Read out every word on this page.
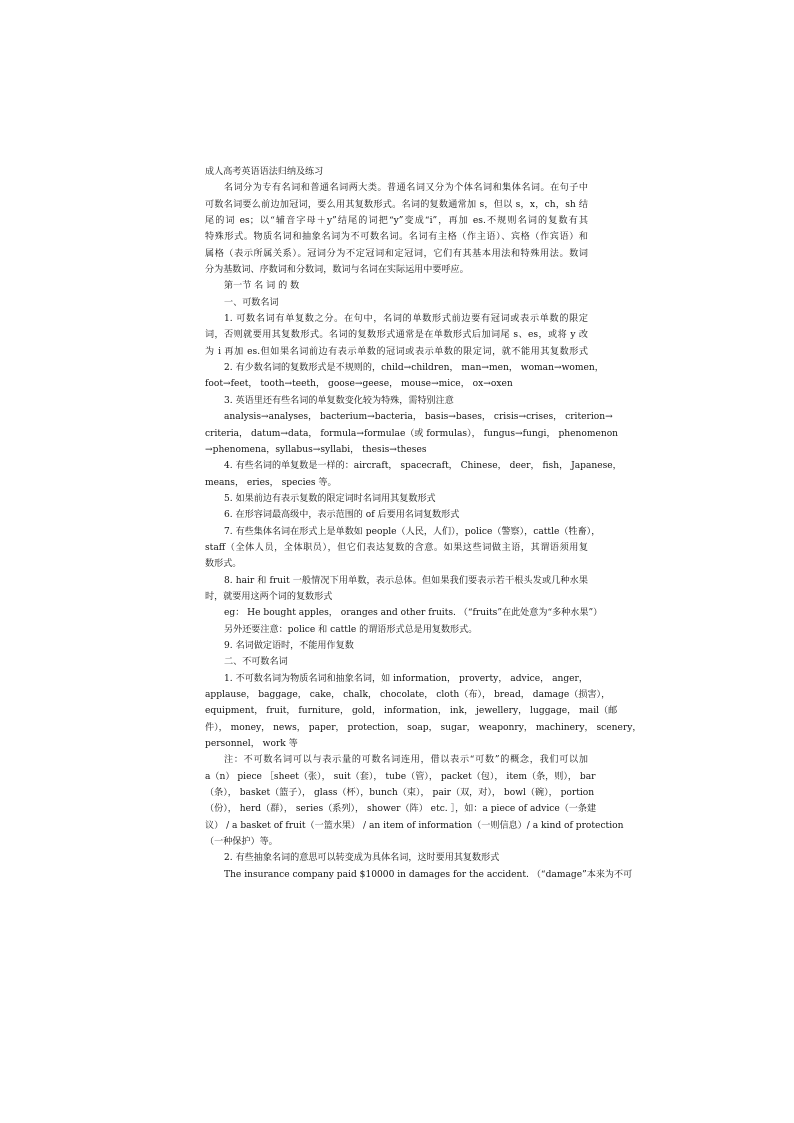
成人高考英语语法归纳及练习
名词分为专有名词和普通名词两大类。普通名词又分为个体名词和集体名词。在句子中
可数名词要么前边加冠词，要么用其复数形式。名词的复数通常加 s，但以 s，x，ch，sh 结
尾的词 es；以“辅音字母＋y”结尾的词把“y”变成“i”，再加 es.不规则名词的复数有其
特殊形式。物质名词和抽象名词为不可数名词。名词有主格（作主语）、宾格（作宾语）和
属格（表示所属关系）。冠词分为不定冠词和定冠词，它们有其基本用法和特殊用法。数词
分为基数词、序数词和分数词，数词与名词在实际运用中要呼应。
第一节 名 词 的 数
一、可数名词
1. 可数名词有单复数之分。在句中，名词的单数形式前边要有冠词或表示单数的限定
词，否则就要用其复数形式。名词的复数形式通常是在单数形式后加词尾 s、es，或将 y 改
为 i 再加 es.但如果名词前边有表示单数的冠词或表示单数的限定词，就不能用其复数形式
2. 有少数名词的复数形式是不规则的，child→children， man→men， woman→women，
foot→feet， tooth→teeth， goose→geese， mouse→mice， ox→oxen
3. 英语里还有些名词的单复数变化较为特殊，需特别注意
analysis→analyses， bacterium→bacteria， basis→bases， crisis→crises， criterion→
criteria， datum→data， formula→formulae（或 formulas）， fungus→fungi， phenomenon
→phenomena，syllabus→syllabi， thesis→theses
4. 有些名词的单复数是一样的：aircraft， spacecraft， Chinese， deer， fish， Japanese，
means， eries， species 等。
5. 如果前边有表示复数的限定词时名词用其复数形式
6. 在形容词最高级中，表示范围的 of 后要用名词复数形式
7. 有些集体名词在形式上是单数如 people（人民，人们），police（警察），cattle（牲畜），
staff（全体人员，全体职员），但它们表达复数的含意。如果这些词做主语，其谓语须用复
数形式。
8. hair 和 fruit 一般情况下用单数，表示总体。但如果我们要表示若干根头发或几种水果
时，就要用这两个词的复数形式
eg： He bought apples， oranges and other fruits. （“fruits”在此处意为“多种水果”）
另外还要注意：police 和 cattle 的谓语形式总是用复数形式。
9. 名词做定语时，不能用作复数
二、不可数名词
1. 不可数名词为物质名词和抽象名词，如 information， proverty， advice， anger，
applause， baggage， cake， chalk， chocolate， cloth（布）， bread， damage（损害），
equipment， fruit， furniture， gold， information， ink， jewellery， luggage， mail（邮
件）， money， news， paper， protection， soap， sugar， weaponry， machinery， scenery，
personnel， work 等
注：不可数名词可以与表示量的可数名词连用，借以表示“可数”的概念，我们可以加
a（n） piece ［sheet（张）， suit（套）， tube（管）， packet（包）， item（条，则）， bar
（条）， basket（篮子）， glass（杯），bunch（束）， pair（双，对）， bowl（碗）， portion
（份）， herd（群）， series（系列）， shower（阵） etc. ］，如：a piece of advice（一条建
议） / a basket of fruit（一篮水果） / an item of information（一则信息）/ a kind of protection
（一种保护）等。
2. 有些抽象名词的意思可以转变成为具体名词，这时要用其复数形式
The insurance company paid $10000 in damages for the accident. （“damage”本来为不可
